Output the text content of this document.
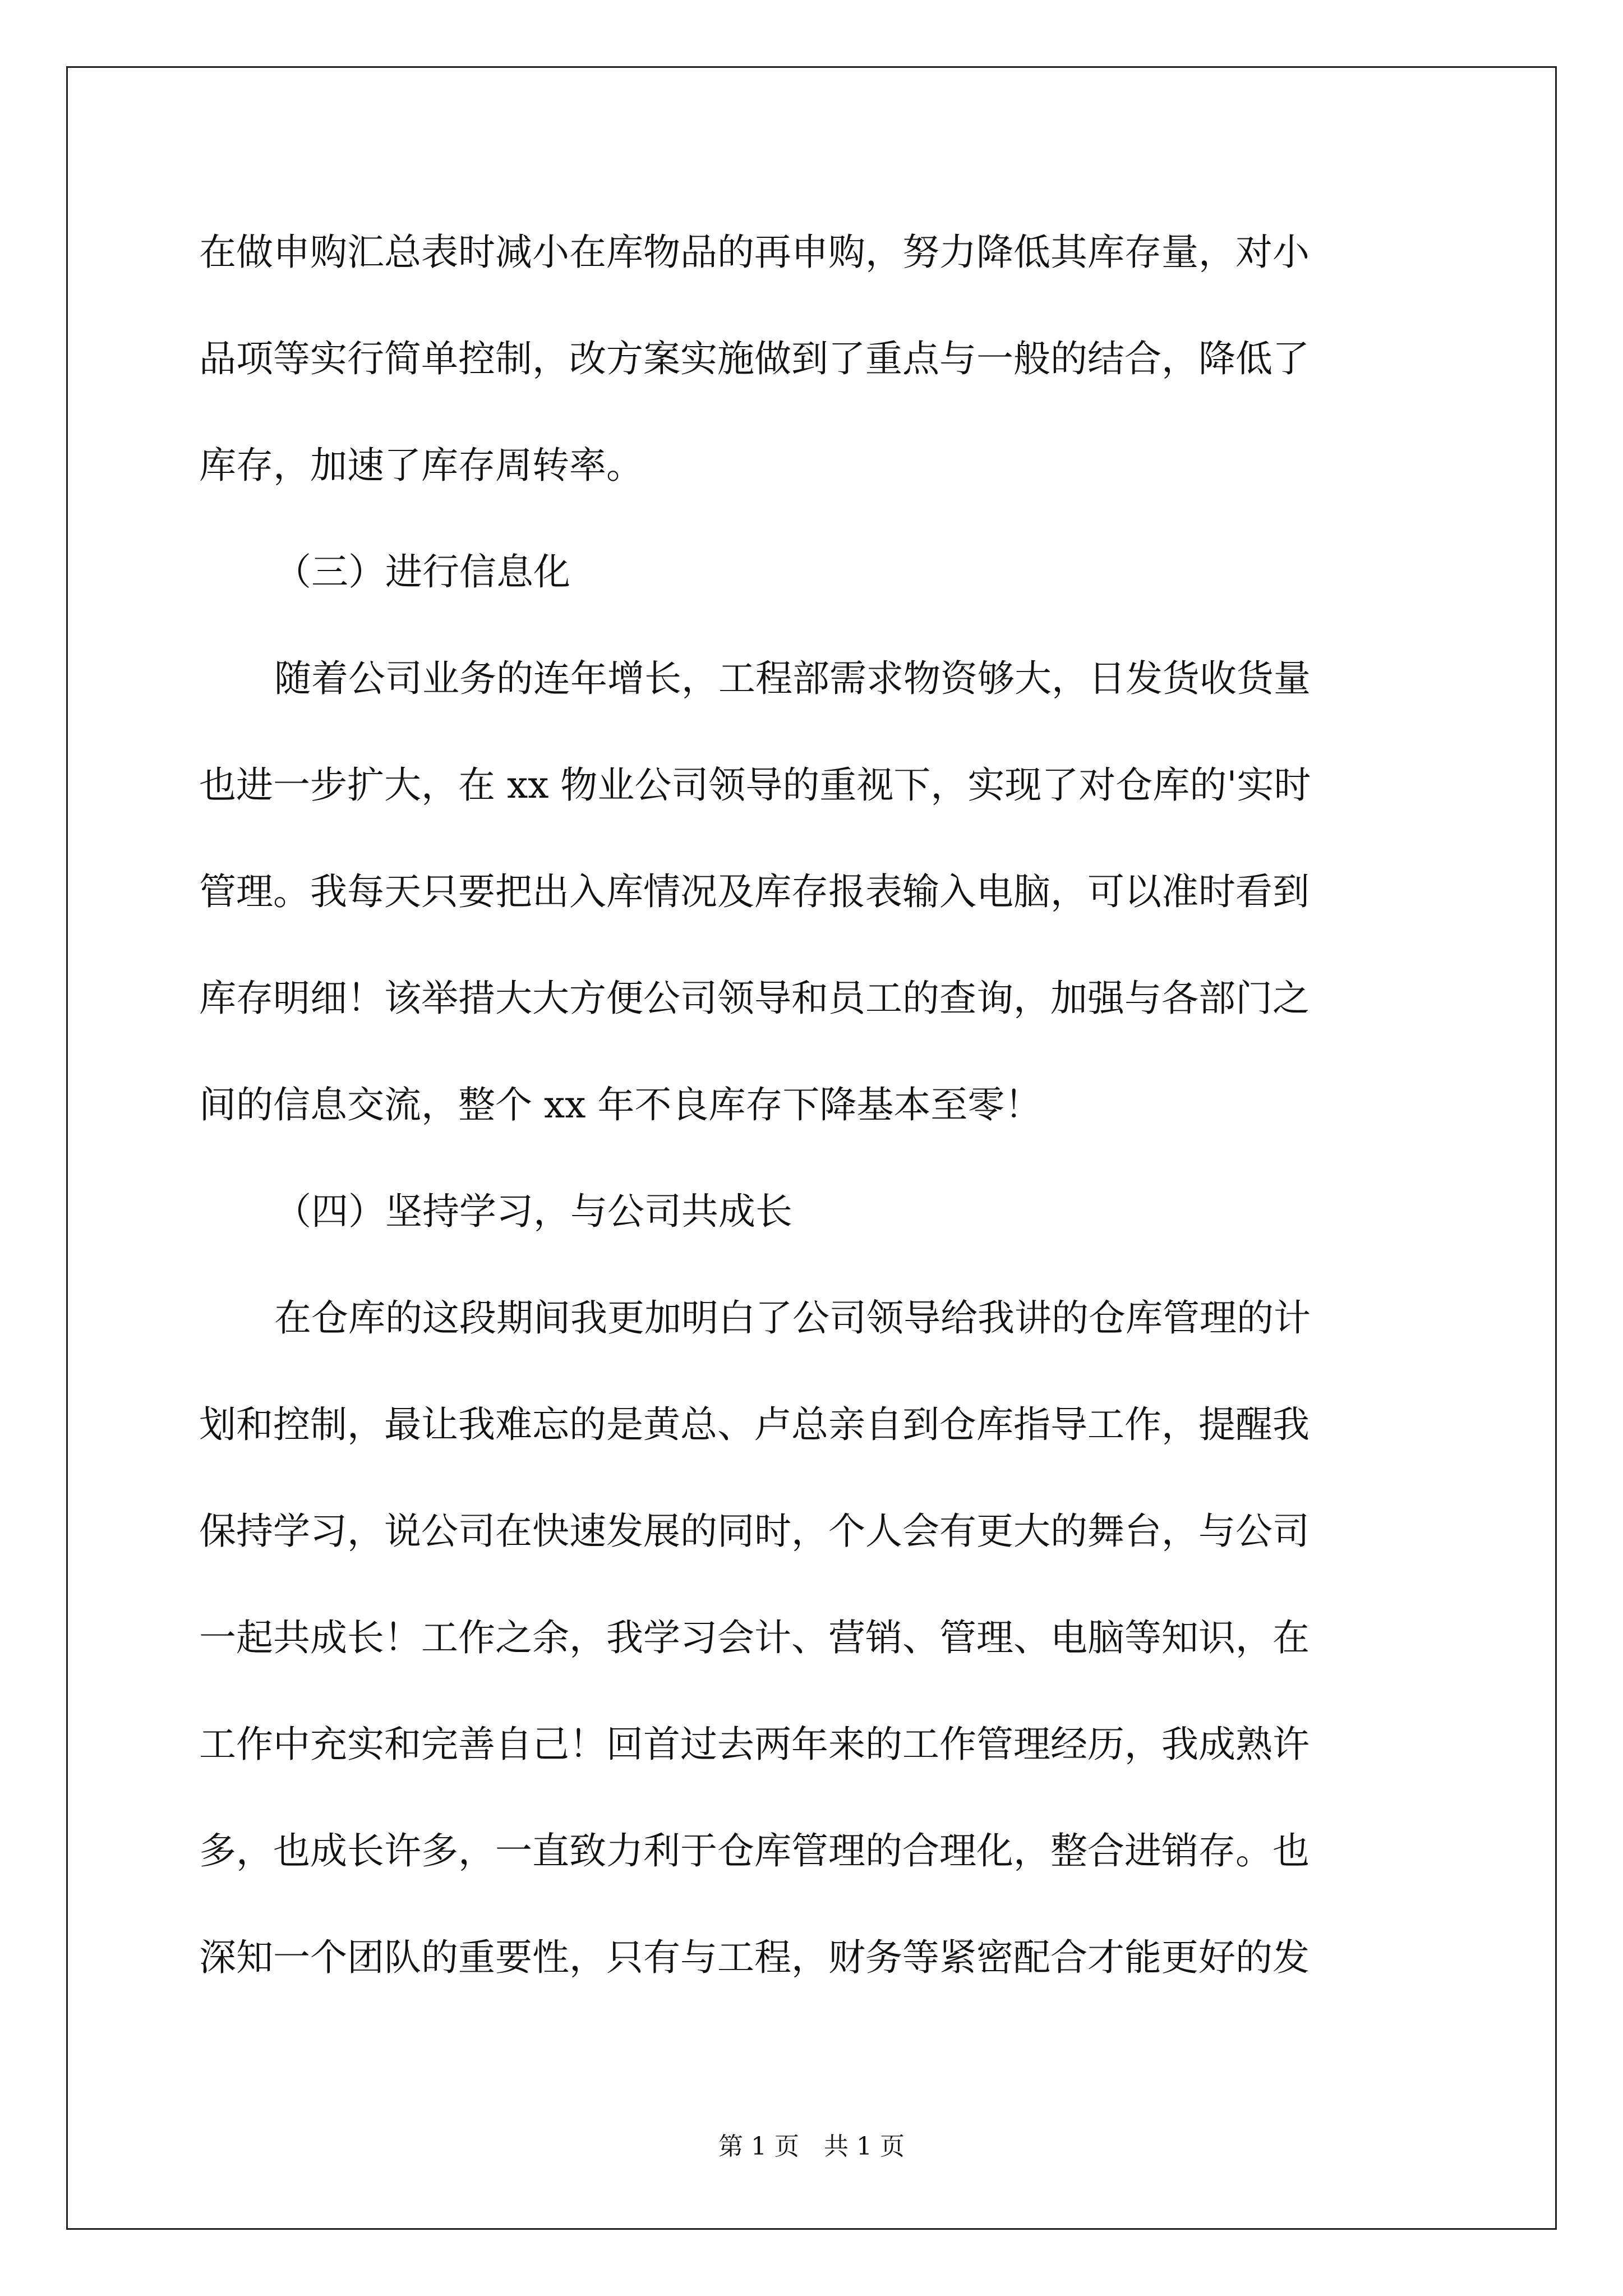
在做申购汇总表时减小在库物品的再申购，努力降低其库存量，对小
品项等实行简单控制，改方案实施做到了重点与一般的结合，降低了
库存，加速了库存周转率。
（三）进行信息化
随着公司业务的连年增长，工程部需求物资够大，日发货收货量
也进一步扩大，在 xx 物业公司领导的重视下，实现了对仓库的'实时
管理。我每天只要把出入库情况及库存报表输入电脑，可以准时看到
库存明细！该举措大大方便公司领导和员工的查询，加强与各部门之
间的信息交流，整个 xx 年不良库存下降基本至零！
（四）坚持学习，与公司共成长
在仓库的这段期间我更加明白了公司领导给我讲的仓库管理的计
划和控制，最让我难忘的是黄总、卢总亲自到仓库指导工作，提醒我
保持学习，说公司在快速发展的同时，个人会有更大的舞台，与公司
一起共成长！工作之余，我学习会计、营销、管理、电脑等知识，在
工作中充实和完善自己！回首过去两年来的工作管理经历，我成熟许
多，也成长许多，一直致力利于仓库管理的合理化，整合进销存。也
深知一个团队的重要性，只有与工程，财务等紧密配合才能更好的发
第 1 页　共 1 页
